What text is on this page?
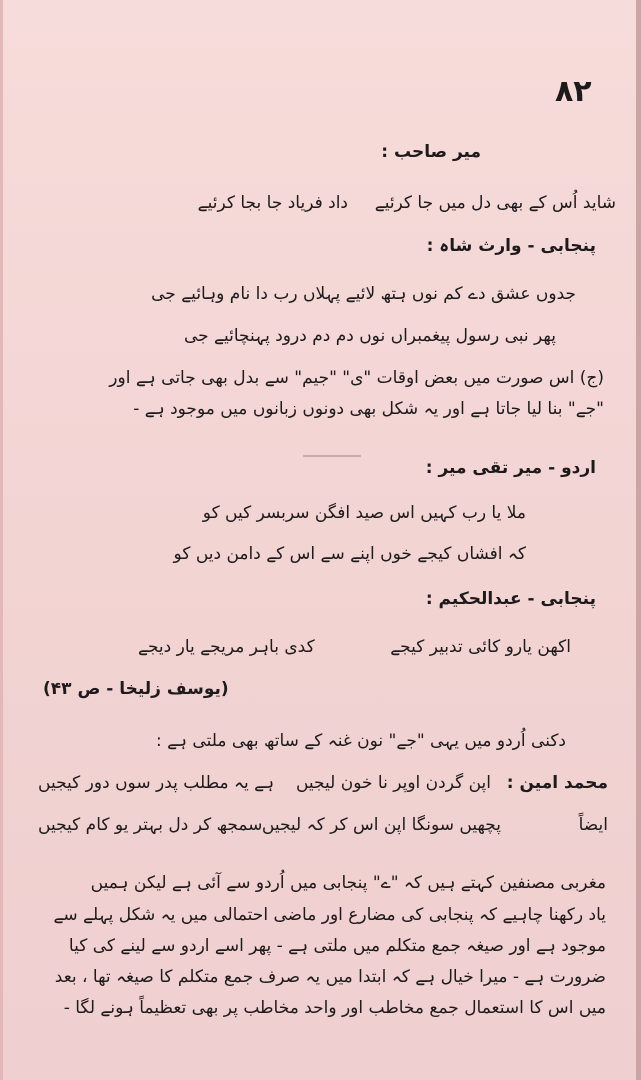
۸۲
میر صاحب :
داد فریاد جا بجا کرئیے شاید اُس کے بھی دل میں جا کرئیے
پنجابی - وارث شاہ :
جدوں عشق دے کم نوں ہتھ لائیے پہلاں رب دا نام وہائیے جی
پھر نبی رسول پیغمبراں نوں دم دم درود پہنچائیے جی
(ج) اس صورت میں بعض اوقات "ی" "جیم" سے بدل بھی جاتی ہے اور
"جے" بنا لیا جاتا ہے اور یہ شکل بھی دونوں زبانوں میں موجود ہے -
اردو - میر تقی میر :
ملا یا رب کہیں اس صید افگن سربسر کیں کو
کہ افشاں کیجے خوں اپنے سے اس کے دامن دیں کو
پنجابی - عبدالحکیم :
اکھن یارو کائی تدبیر کیجے
کدی باہر مریجے یار دیجے
(یوسف زلیخا - ص ۴۳)
دکنی اُردو میں یہی "جے" نون غنہ کے ساتھ بھی ملتی ہے :
محمد امین :
اپن گردن اوپر نا خون لیجیں
ہے یہ مطلب پدر سوں دور کیجیں
ایضاً
پچھیں سونگا اپن اس کر کہ لیجیں
سمجھ کر دل بہتر یو کام کیجیں
مغربی مصنفین کہتے ہیں کہ "ے" پنجابی میں اُردو سے آئی ہے لیکن ہمیں
یاد رکھنا چاہیے کہ پنجابی کی مضارع اور ماضی احتمالی میں یہ شکل پہلے سے
موجود ہے اور صیغہ جمع متکلم میں ملتی ہے - پھر اسے اردو سے لینے کی کیا
ضرورت ہے - میرا خیال ہے کہ ابتدا میں یہ صرف جمع متکلم کا صیغہ تھا ، بعد
میں اس کا استعمال جمع مخاطب اور واحد مخاطب پر بھی تعظیماً ہونے لگا -
